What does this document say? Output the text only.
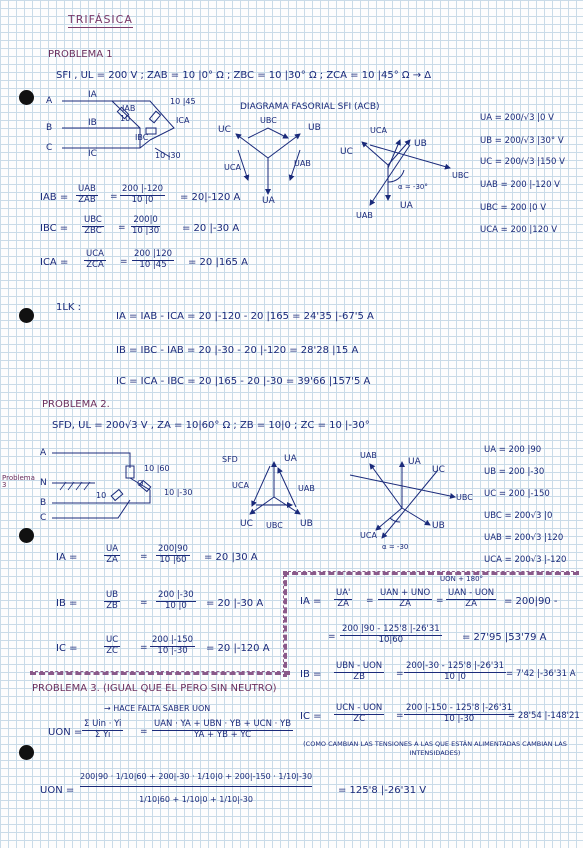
TRIFÁSICA
PROBLEMA 1
SFI , UL = 200 V ; ZAB = 10 |0° Ω ; ZBC = 10 |30° Ω ; ZCA = 10 |45° Ω → Δ
A
B
C
IA
IB
IC
IAB
10	ICA
IBC
10 |45
10 |30
DIAGRAMA FASORIAL SFI (ACB)
UC
UBC
UB
UCA	UAB
UA
UCA
UC
UB
UBC
α = -30°
UA
UAB
UA = 200/√3 |0 V
UB = 200/√3 |30° V
UC = 200/√3 |150 V
UAB = 200 |-120 V
UBC = 200 |0 V
UCA = 200 |120 V
IAB =
UAB
ZAB = $\frac{200 |-120}{10 |0} = 20|-120$ A
IBC =
UBC
ZBC = $\frac{200|0}{10 |30} = 20$ |-30 A
ICA =
UCA
ZCA = $\frac{200 |120}{10 |45} = 20$ |165 A
1LK :
IA = IAB - ICA = 20 |-120 - 20 |165 = 24'35 |-67'5 A
IB = IBC - IAB = 20 |-30 - 20 |-120 = 28'28 |15 A
IC = ICA - IBC = 20 |165 - 20 |-30 = 39'66 |157'5 A
PROBLEMA 2.
SFD, UL = 200√3 V , ZA = 10|60° Ω ; ZB = 10|0 ; ZC = 10 |-30°
Problema 3
A
N
B
C
O
10 |60
10	10 |-30
SFD	UA
UCA	UAB
UC UBC UB
UAB
UA
UC
UBC
UB
UCA
α = -30
UA = 200 |90
UB = 200 |-30
UC = 200 |-150
UBC = 200√3 |0
UAB = 200√3 |120
UCA = 200√3 |-120
IA =	$\frac{UA}{ZA} = \frac{200|90}{10 |60} = 20$ |30 A
IB =	$\frac{UB}{ZB} = \frac{200 |-30}{10 |0} = 20$ |-30 A
IC =	$\frac{UC}{ZC} = \frac{200 |-150}{10 |-30} = 20$ |-120 A
UON + 180°
IA = $\frac{UA'}{ZA}$ =
UAN + UNO
ZA	=
UAN - UON
ZA	= 200|90 -
= $\frac{200 |90 - 125'8 |-26'31}{10|60} = 27'95$ |53'79 A
IB =
UBN - UON
ZB	= $\frac{200|-30 - 125'8 |-26'31}{10 |0} = 7'42$ |-36'31 A
IC =
UCN - UON
ZC	= $\frac{200 |-150 - 125'8 |-26'31}{10 |-30}$
= 28'54 |-148'21
PROBLEMA 3. (IGUAL QUE EL PERO SIN NEUTRO)
→ HACE FALTA SABER UON
UON =
Σ Uin · Yi
Σ Yi	=
UAN · YA + UBN · YB + UCN · YB
YA + YB + YC
(COMO CAMBIAN LAS TENSIONES A LAS QUE ESTÁN ALIMENTADAS CAMBIAN LAS INTENSIDADES)
UON = $\frac{200|90 \cdot 1/10|60 + 200|-30 \cdot 1/10|0 + 200|-150 \cdot 1/10|-30}{1/10|60 + 1/10|0 + 1/10|-30}$	= 125'8 |-26'31 V
